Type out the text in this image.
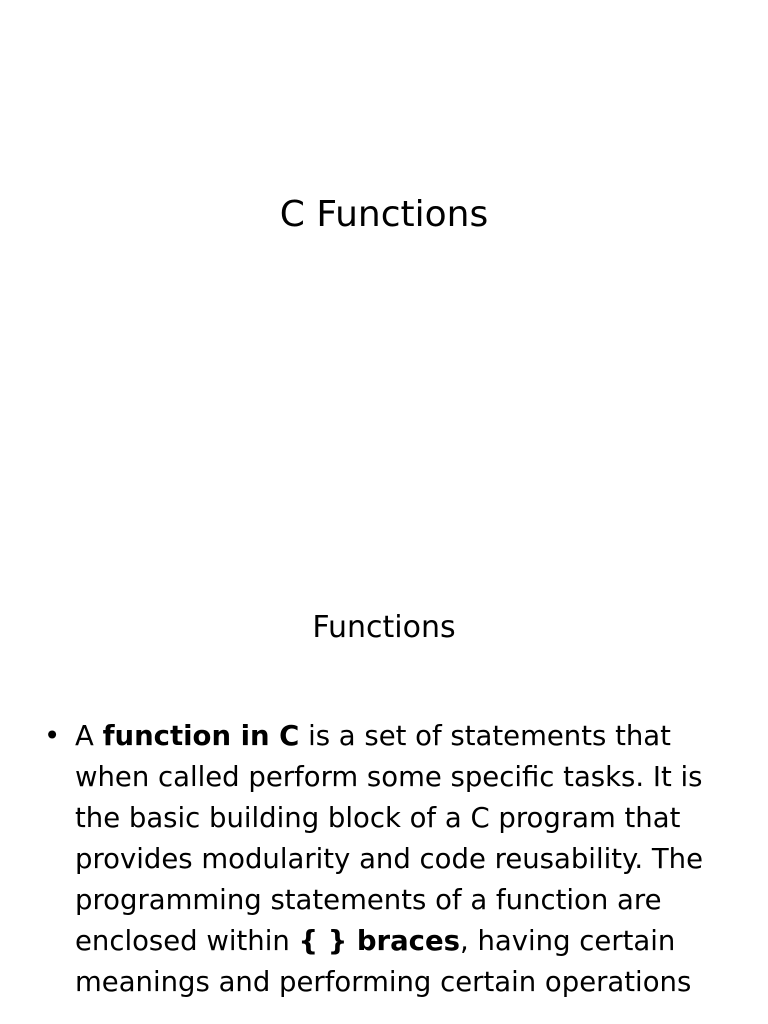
C Functions
Functions
• A function in C is a set of statements that when called perform some specific tasks. It is the basic building block of a C program that provides modularity and code reusability. The programming statements of a function are enclosed within { } braces, having certain meanings and performing certain operations
